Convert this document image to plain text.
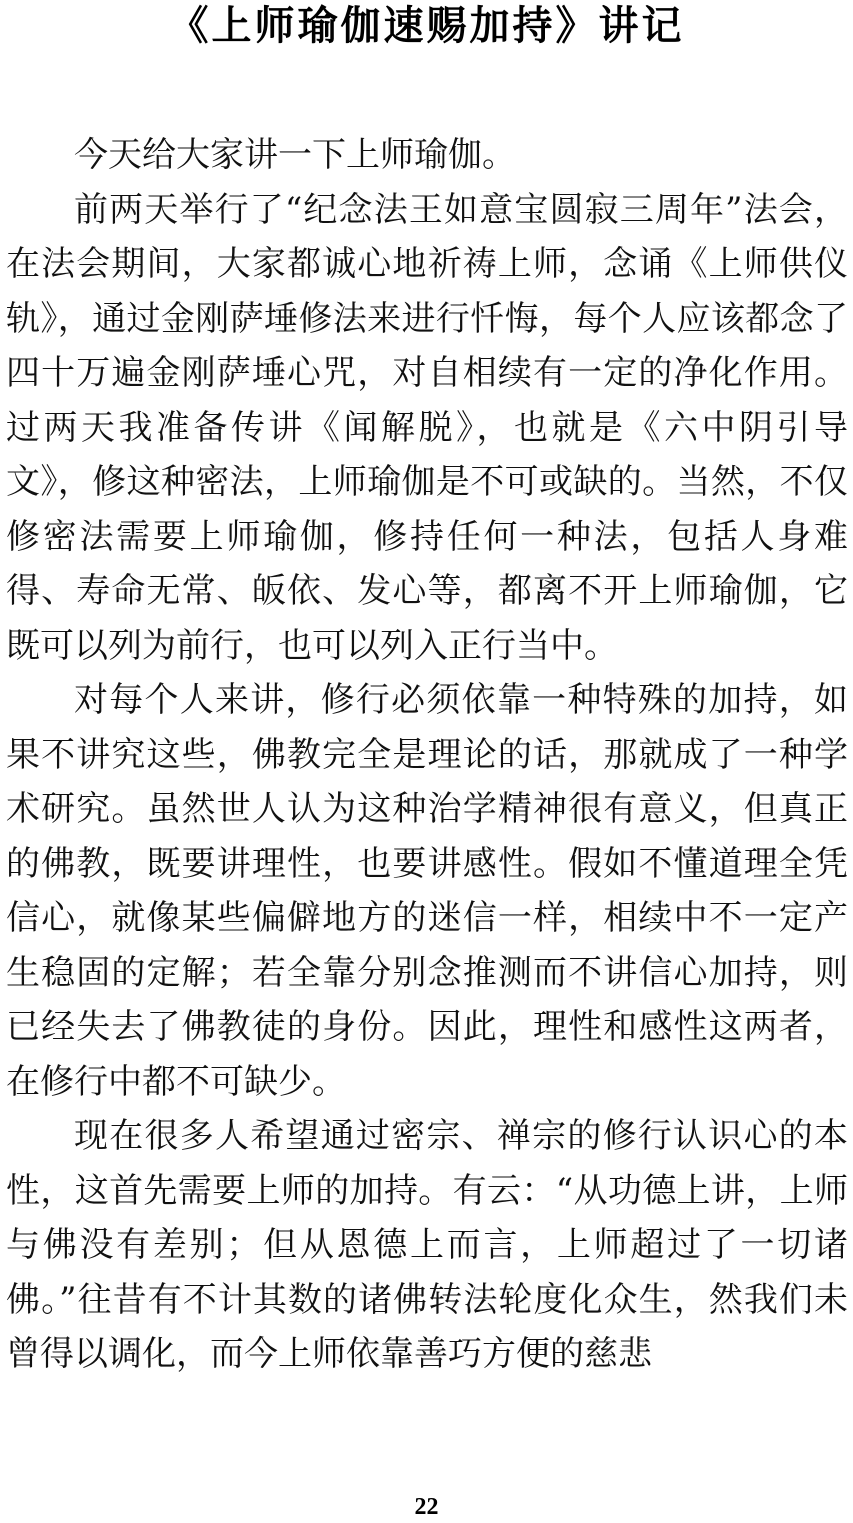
《上师瑜伽速赐加持》讲记

今天给大家讲一下上师瑜伽。

前两天举行了“纪念法王如意宝圆寂三周年”法会，在法会期间，大家都诚心地祈祷上师，念诵《上师供仪轨》，通过金刚萨埵修法来进行忏悔，每个人应该都念了四十万遍金刚萨埵心咒，对自相续有一定的净化作用。过两天我准备传讲《闻解脱》，也就是《六中阴引导文》，修这种密法，上师瑜伽是不可或缺的。当然，不仅修密法需要上师瑜伽，修持任何一种法，包括人身难得、寿命无常、皈依、发心等，都离不开上师瑜伽，它既可以列为前行，也可以列入正行当中。

对每个人来讲，修行必须依靠一种特殊的加持，如果不讲究这些，佛教完全是理论的话，那就成了一种学术研究。虽然世人认为这种治学精神很有意义，但真正的佛教，既要讲理性，也要讲感性。假如不懂道理全凭信心，就像某些偏僻地方的迷信一样，相续中不一定产生稳固的定解；若全靠分别念推测而不讲信心加持，则已经失去了佛教徒的身份。因此，理性和感性这两者，在修行中都不可缺少。

现在很多人希望通过密宗、禅宗的修行认识心的本性，这首先需要上师的加持。有云：“从功德上讲，上师与佛没有差别；但从恩德上而言，上师超过了一切诸佛。”往昔有不计其数的诸佛转法轮度化众生，然我们未曾得以调化，而今上师依靠善巧方便的慈悲

22
